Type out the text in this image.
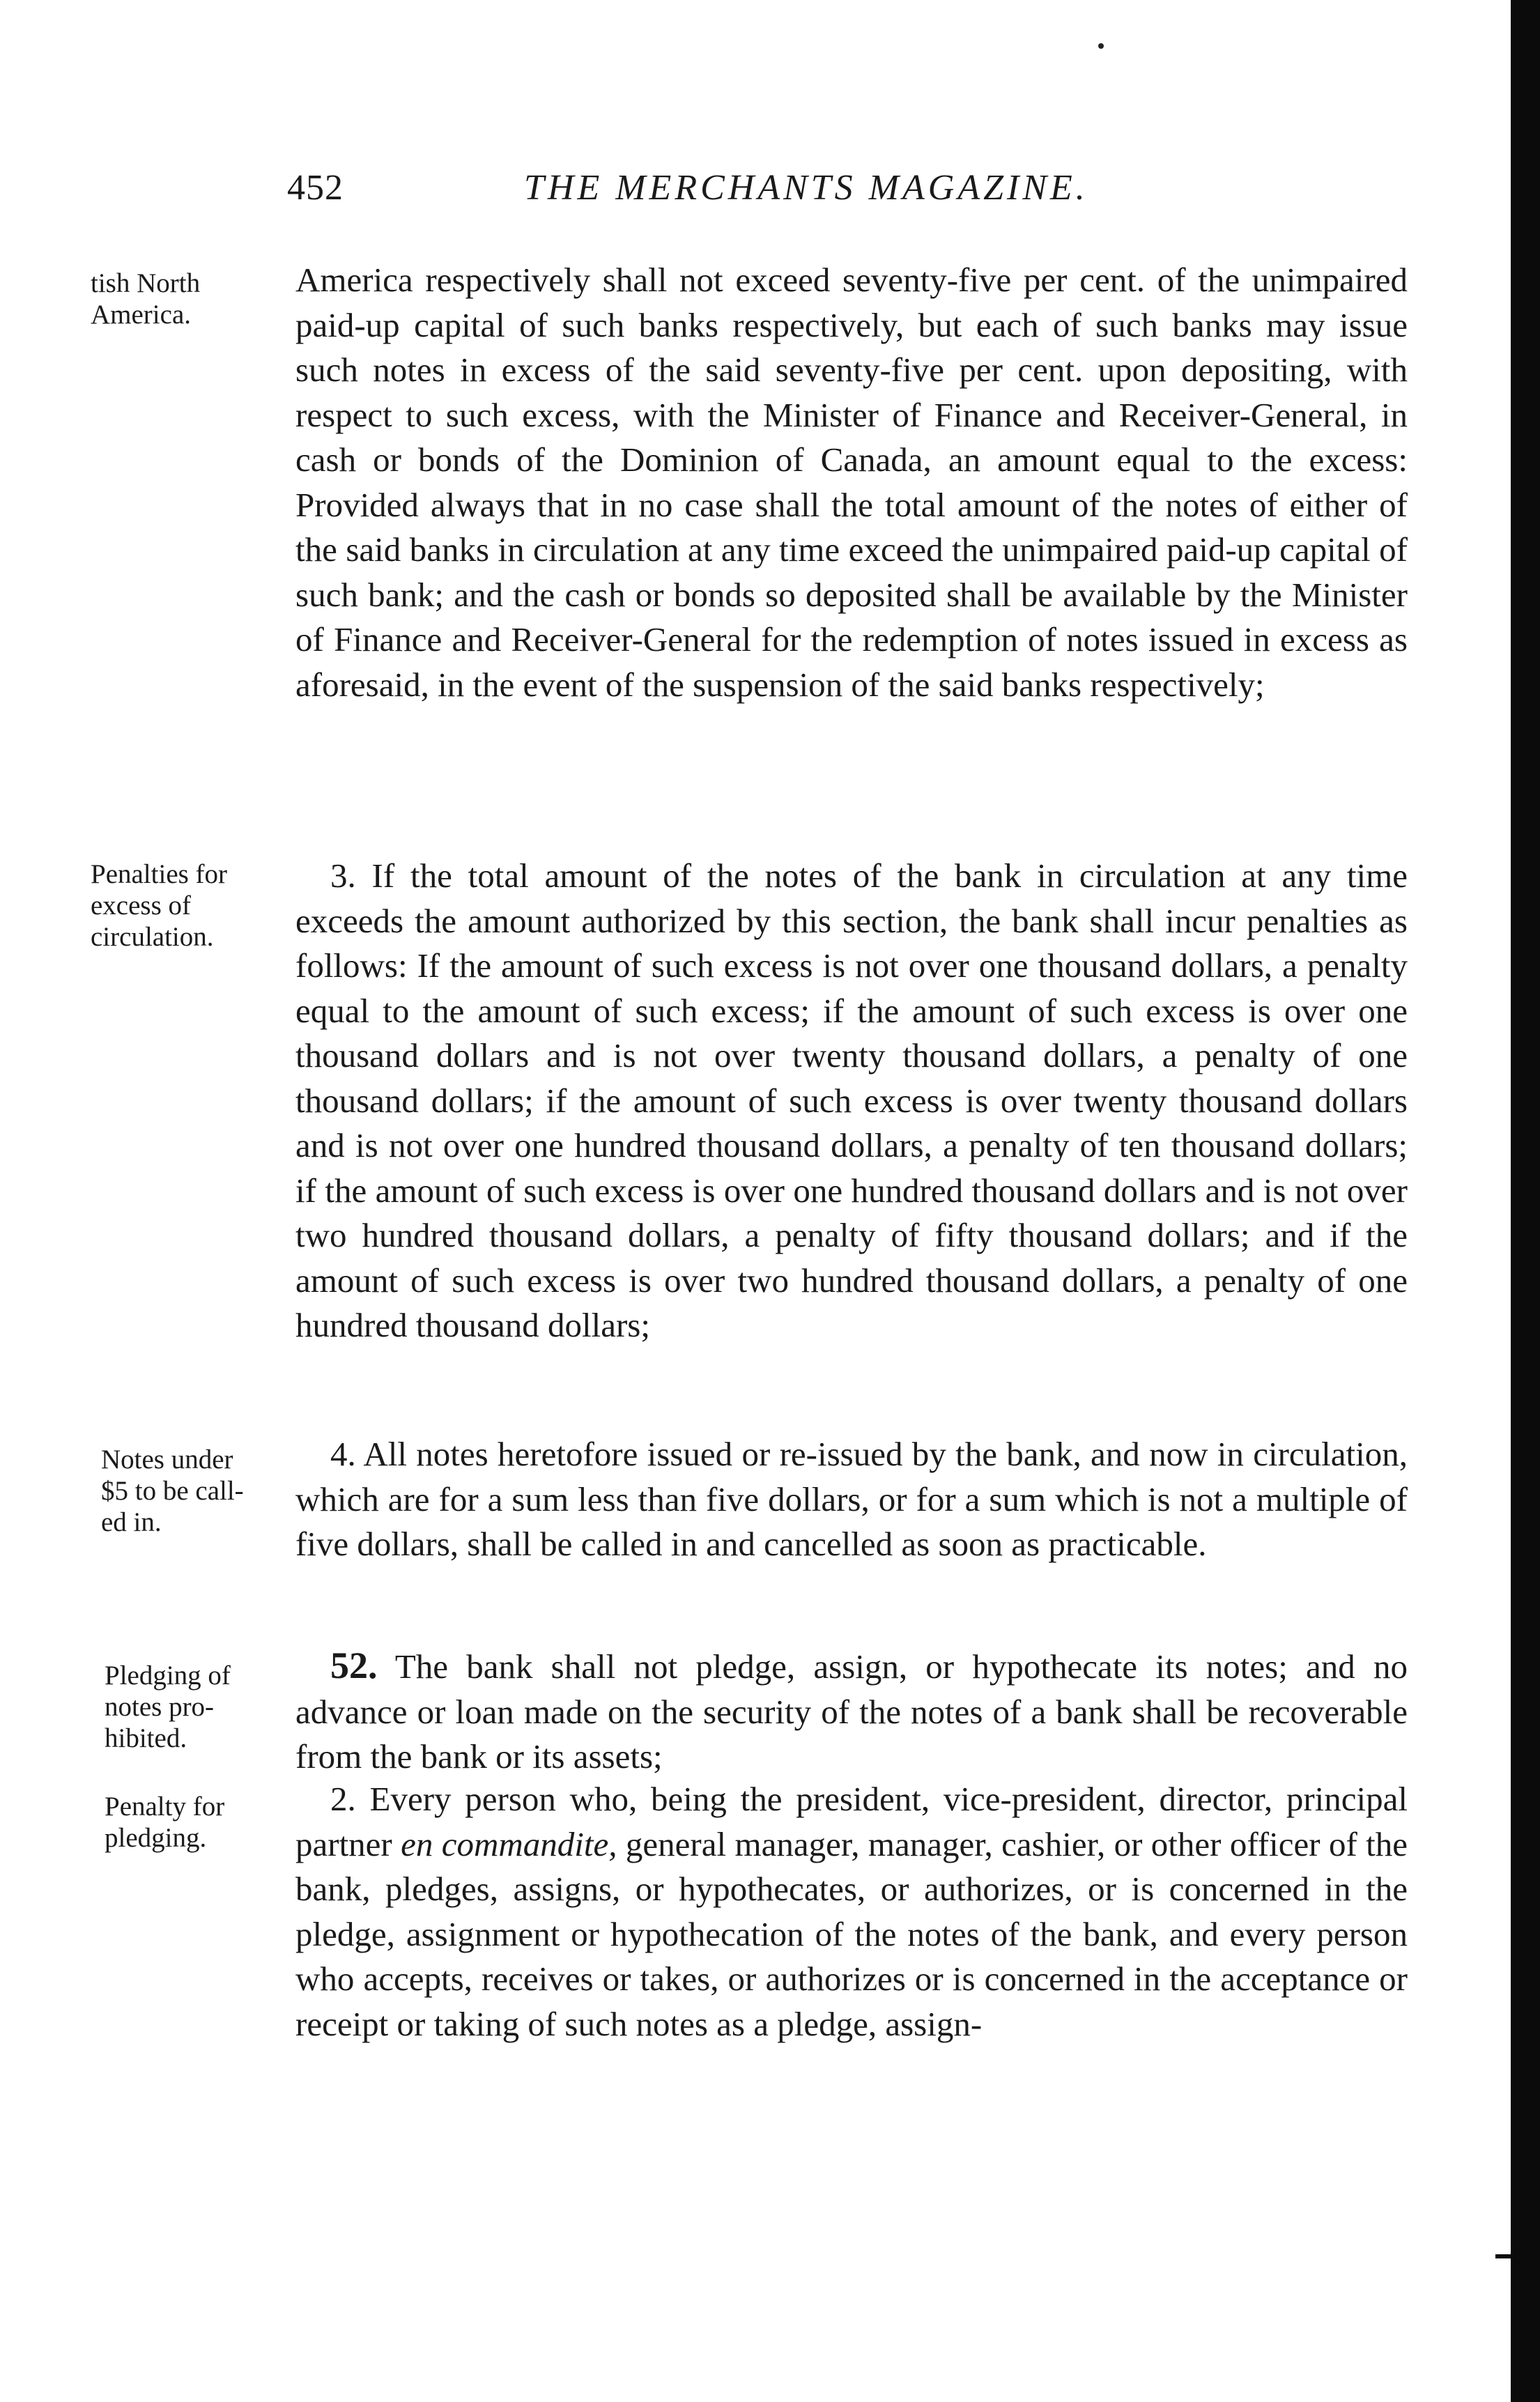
452	THE MERCHANTS MAGAZINE.
tish North
America.
Penalties for
excess of
circulation.
Notes under
$5 to be call-
ed in.
Pledging of
notes pro-
hibited.
Penalty for
pledging.

America respectively shall not exceed seventy-five per cent. of the unimpaired paid-up capital of such banks respectively, but each of such banks may issue such notes in excess of the said seventy-five per cent. upon depositing, with respect to such excess, with the Minister of Finance and Receiver-General, in cash or bonds of the Dominion of Canada, an amount equal to the excess: Provided always that in no case shall the total amount of the notes of either of the said banks in circulation at any time exceed the unimpaired paid-up capital of such bank; and the cash or bonds so deposited shall be available by the Minister of Finance and Receiver-General for the redemption of notes issued in excess as aforesaid, in the event of the suspension of the said banks respectively;

3. If the total amount of the notes of the bank in circulation at any time exceeds the amount authorized by this section, the bank shall incur penalties as follows: If the amount of such excess is not over one thousand dollars, a penalty equal to the amount of such excess; if the amount of such excess is over one thousand dollars and is not over twenty thousand dollars, a penalty of one thousand dollars; if the amount of such excess is over twenty thousand dollars and is not over one hundred thousand dollars, a penalty of ten thousand dollars; if the amount of such excess is over one hundred thousand dollars and is not over two hundred thousand dollars, a penalty of fifty thousand dollars; and if the amount of such excess is over two hundred thousand dollars, a penalty of one hundred thousand dollars;

4. All notes heretofore issued or re-issued by the bank, and now in circulation, which are for a sum less than five dollars, or for a sum which is not a multiple of five dollars, shall be called in and cancelled as soon as practicable.

52. The bank shall not pledge, assign, or hypothecate its notes; and no advance or loan made on the security of the notes of a bank shall be recoverable from the bank or its assets;

2. Every person who, being the president, vice-president, director, principal partner en commandite, general manager, manager, cashier, or other officer of the bank, pledges, assigns, or hypothecates, or authorizes, or is concerned in the pledge, assignment or hypothecation of the notes of the bank, and every person who accepts, receives or takes, or authorizes or is concerned in the acceptance or receipt or taking of such notes as a pledge, assign-
